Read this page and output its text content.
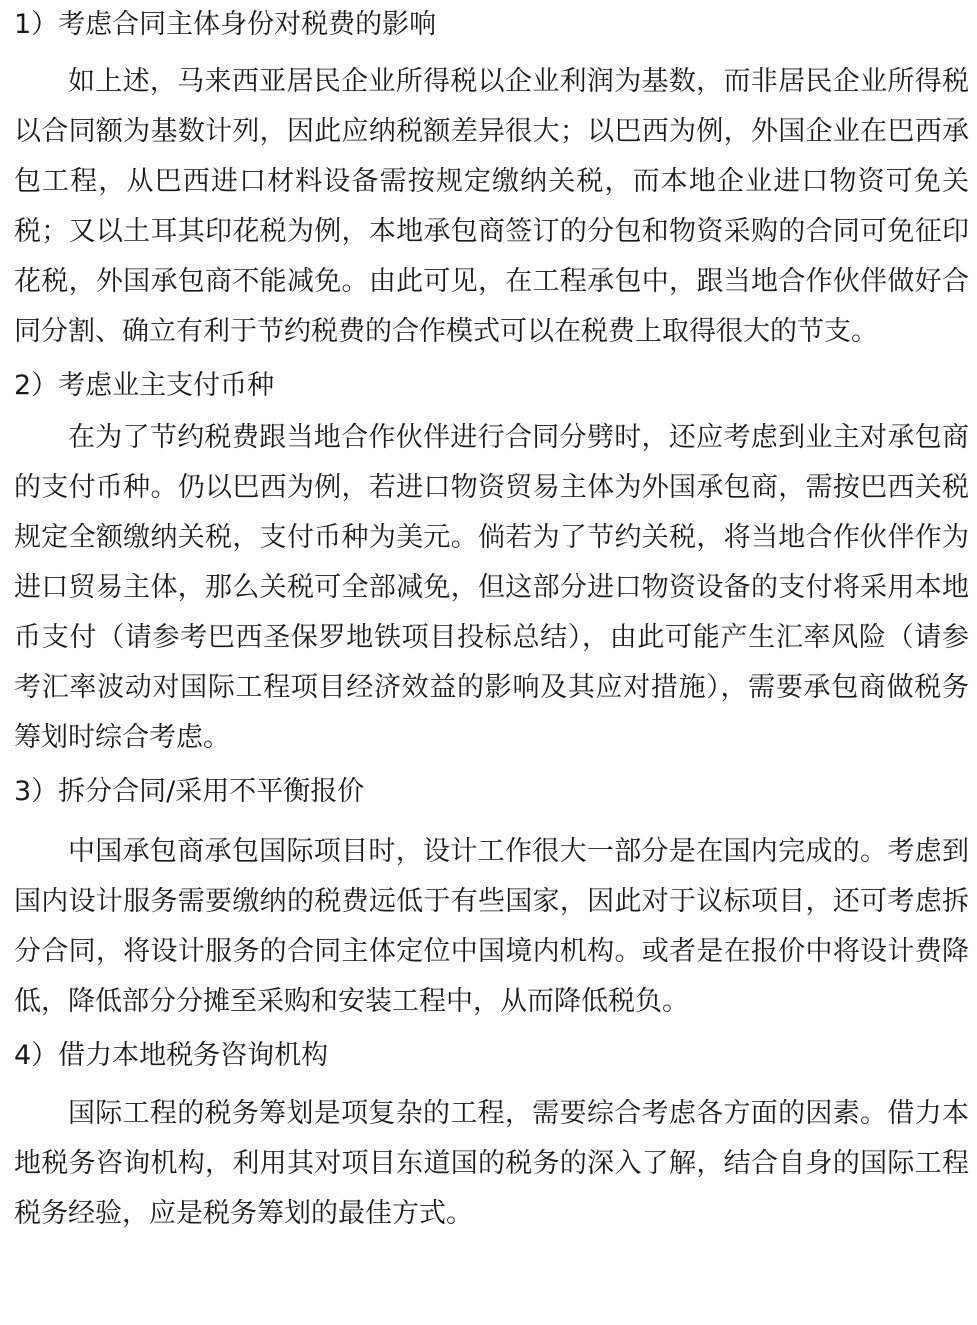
1）考虑合同主体身份对税费的影响

如上述，马来西亚居民企业所得税以企业利润为基数，而非居民企业所得税以合同额为基数计列，因此应纳税额差异很大；以巴西为例，外国企业在巴西承包工程，从巴西进口材料设备需按规定缴纳关税，而本地企业进口物资可免关税；又以土耳其印花税为例，本地承包商签订的分包和物资采购的合同可免征印花税，外国承包商不能减免。由此可见，在工程承包中，跟当地合作伙伴做好合同分割、确立有利于节约税费的合作模式可以在税费上取得很大的节支。

2）考虑业主支付币种

在为了节约税费跟当地合作伙伴进行合同分劈时，还应考虑到业主对承包商的支付币种。仍以巴西为例，若进口物资贸易主体为外国承包商，需按巴西关税规定全额缴纳关税，支付币种为美元。倘若为了节约关税，将当地合作伙伴作为进口贸易主体，那么关税可全部减免，但这部分进口物资设备的支付将采用本地币支付（请参考巴西圣保罗地铁项目投标总结），由此可能产生汇率风险（请参考汇率波动对国际工程项目经济效益的影响及其应对措施），需要承包商做税务筹划时综合考虑。

3）拆分合同/采用不平衡报价

中国承包商承包国际项目时，设计工作很大一部分是在国内完成的。考虑到国内设计服务需要缴纳的税费远低于有些国家，因此对于议标项目，还可考虑拆分合同，将设计服务的合同主体定位中国境内机构。或者是在报价中将设计费降低，降低部分分摊至采购和安装工程中，从而降低税负。

4）借力本地税务咨询机构

国际工程的税务筹划是项复杂的工程，需要综合考虑各方面的因素。借力本地税务咨询机构，利用其对项目东道国的税务的深入了解，结合自身的国际工程税务经验，应是税务筹划的最佳方式。
